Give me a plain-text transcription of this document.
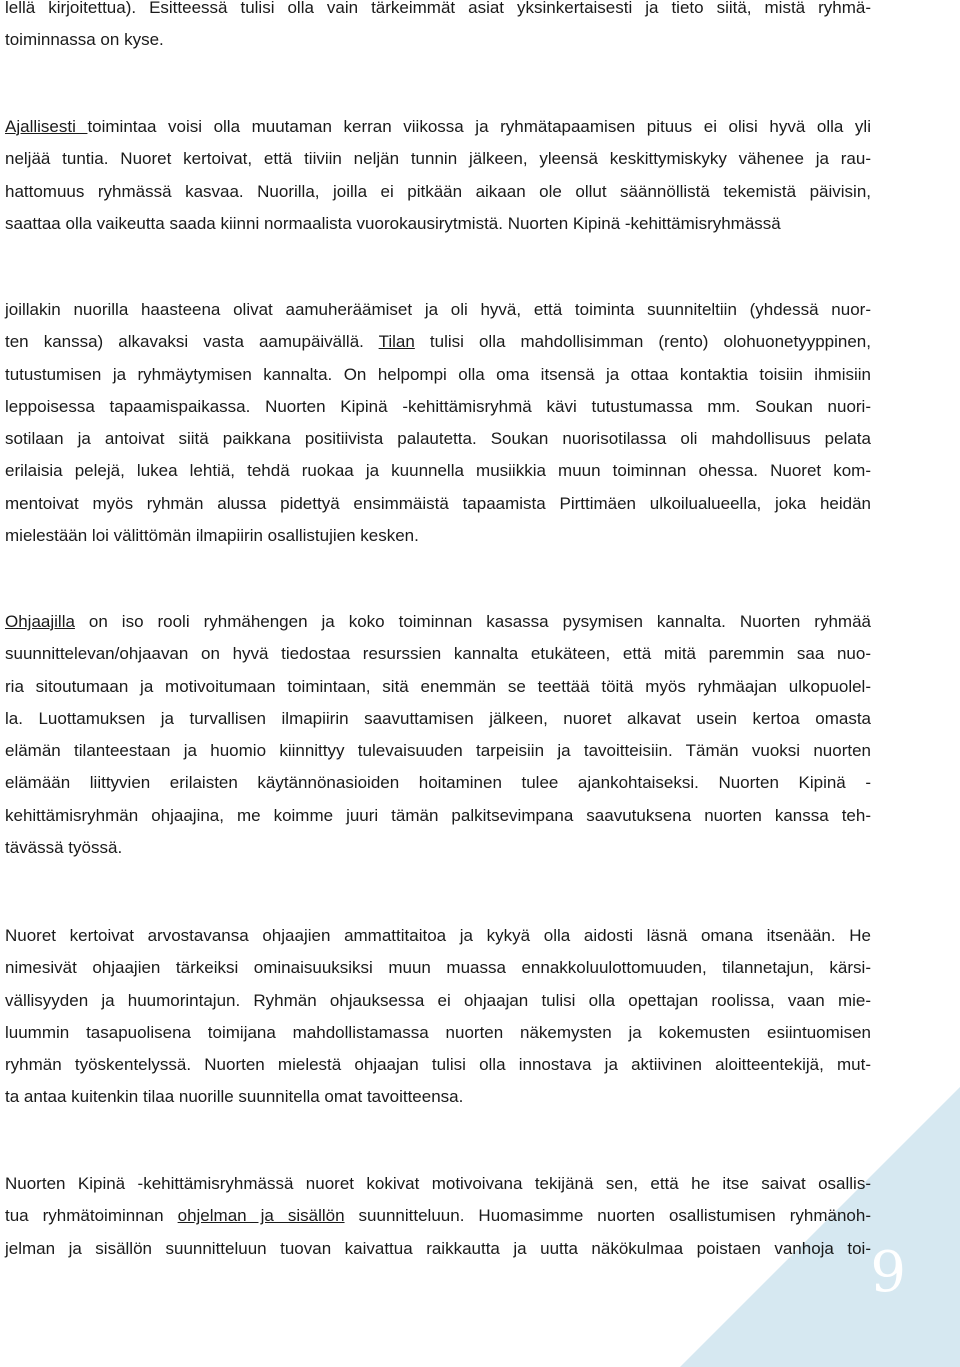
9

lellä kirjoitettua). Esitteessä tulisi olla vain tärkeimmät asiat yksinkertaisesti ja tieto siitä, mistä ryhmä-
toiminnassa on kyse.

Ajallisesti toimintaa voisi olla muutaman kerran viikossa ja ryhmätapaamisen pituus ei olisi hyvä olla yli
neljää tuntia. Nuoret kertoivat, että tiiviin neljän tunnin jälkeen, yleensä keskittymiskyky vähenee ja rau-
hattomuus ryhmässä kasvaa. Nuorilla, joilla ei pitkään aikaan ole ollut säännöllistä tekemistä päivisin,
saattaa olla vaikeutta saada kiinni normaalista vuorokausirytmistä. Nuorten Kipinä -kehittämisryhmässä

joillakin nuorilla haasteena olivat aamuheräämiset ja oli hyvä, että toiminta suunniteltiin (yhdessä nuor-
ten kanssa) alkavaksi vasta aamupäivällä. Tilan tulisi olla mahdollisimman (rento) olohuonetyyppinen,
tutustumisen ja ryhmäytymisen kannalta. On helpompi olla oma itsensä ja ottaa kontaktia toisiin ihmisiin
leppoisessa tapaamispaikassa. Nuorten Kipinä -kehittämisryhmä kävi tutustumassa mm. Soukan nuori-
sotilaan ja antoivat siitä paikkana positiivista palautetta. Soukan nuorisotilassa oli mahdollisuus pelata
erilaisia pelejä, lukea lehtiä, tehdä ruokaa ja kuunnella musiikkia muun toiminnan ohessa. Nuoret kom-
mentoivat myös ryhmän alussa pidettyä ensimmäistä tapaamista Pirttimäen ulkoilualueella, joka heidän
mielestään loi välittömän ilmapiirin osallistujien kesken.

Ohjaajilla on iso rooli ryhmähengen ja koko toiminnan kasassa pysymisen kannalta. Nuorten ryhmää
suunnittelevan/ohjaavan on hyvä tiedostaa resurssien kannalta etukäteen, että mitä paremmin saa nuo-
ria sitoutumaan ja motivoitumaan toimintaan, sitä enemmän se teettää töitä myös ryhmäajan ulkopuolel-
la. Luottamuksen ja turvallisen ilmapiirin saavuttamisen jälkeen, nuoret alkavat usein kertoa omasta
elämän tilanteestaan ja huomio kiinnittyy tulevaisuuden tarpeisiin ja tavoitteisiin. Tämän vuoksi nuorten
elämään liittyvien erilaisten käytännönasioiden hoitaminen tulee ajankohtaiseksi. Nuorten Kipinä -
kehittämisryhmän ohjaajina, me koimme juuri tämän palkitsevimpana saavutuksena nuorten kanssa teh-
tävässä työssä.

Nuoret kertoivat arvostavansa ohjaajien ammattitaitoa ja kykyä olla aidosti läsnä omana itsenään. He
nimesivät ohjaajien tärkeiksi ominaisuuksiksi muun muassa ennakkoluulottomuuden, tilannetajun, kärsi-
vällisyyden ja huumorintajun. Ryhmän ohjauksessa ei ohjaajan tulisi olla opettajan roolissa, vaan mie-
luummin tasapuolisena toimijana mahdollistamassa nuorten näkemysten ja kokemusten esiintuomisen
ryhmän työskentelyssä. Nuorten mielestä ohjaajan tulisi olla innostava ja aktiivinen aloitteentekijä, mut-
ta antaa kuitenkin tilaa nuorille suunnitella omat tavoitteensa.

Nuorten Kipinä -kehittämisryhmässä nuoret kokivat motivoivana tekijänä sen, että he itse saivat osallis-
tua ryhmätoiminnan ohjelman ja sisällön suunnitteluun. Huomasimme nuorten osallistumisen ryhmänoh-
jelman ja sisällön suunnitteluun tuovan kaivattua raikkautta ja uutta näkökulmaa poistaen vanhoja toi-
